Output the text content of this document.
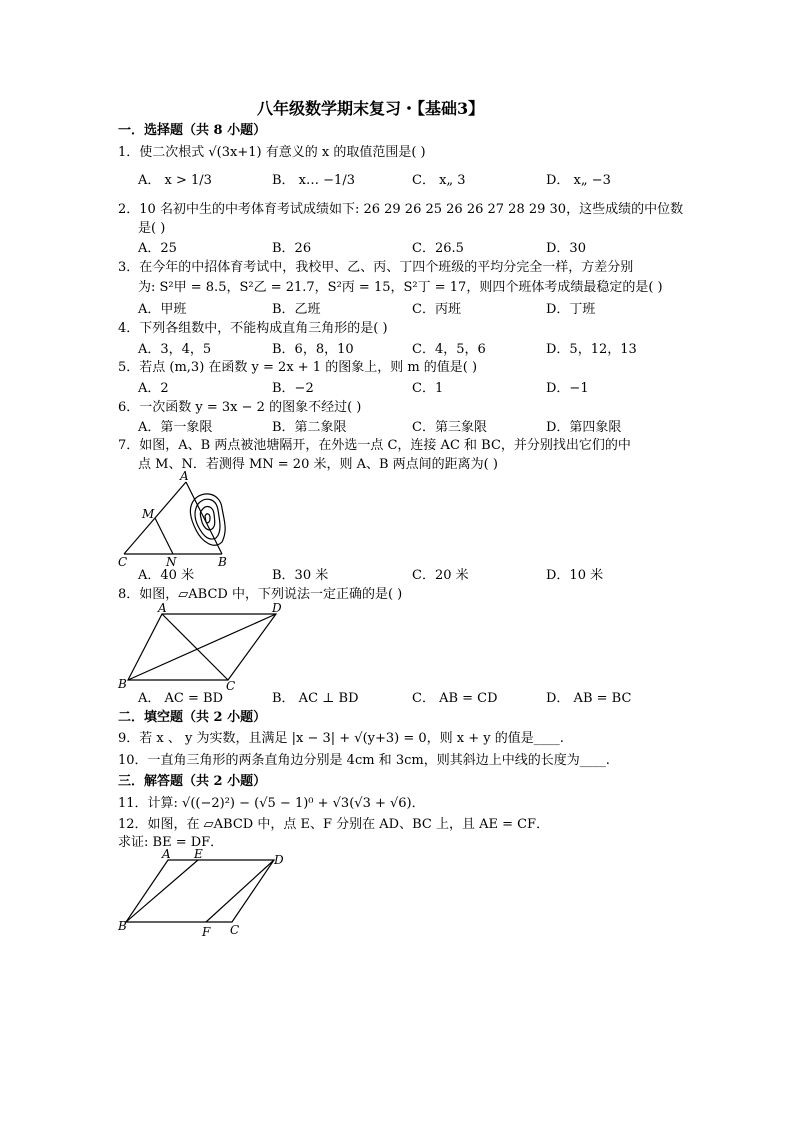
八年级数学期末复习・【基础3】
一．选择题（共 8 小题）
1．使二次根式 √(3x+1) 有意义的 x 的取值范围是( )
A． x > 1/3	B． x… −1/3	C． x„ 3	D． x„ −3
2．10 名初中生的中考体育考试成绩如下: 26 29 26 25 26 26 27 28 29 30，这些成绩的中位数
是( )
A．25	B．26	C．26.5	D．30
3．在今年的中招体育考试中，我校甲、乙、丙、丁四个班级的平均分完全一样，方差分别
为: S²甲 = 8.5，S²乙 = 21.7，S²丙 = 15，S²丁 = 17，则四个班体考成绩最稳定的是( )
A．甲班	B．乙班	C．丙班	D．丁班
4．下列各组数中，不能构成直角三角形的是( )
A．3，4，5	B．6，8，10	C．4，5，6	D．5，12，13
5．若点 (m,3) 在函数 y = 2x + 1 的图象上，则 m 的值是( )
A．2	B．−2	C．1	D．−1
6．一次函数 y = 3x − 2 的图象不经过( )
A．第一象限	B．第二象限	C．第三象限	D．第四象限
7．如图，A、B 两点被池塘隔开，在外选一点 C，连接 AC 和 BC，并分别找出它们的中
点 M、N．若测得 MN = 20 米，则 A、B 两点间的距离为( )
A
M
C	N	B
A．40 米	B．30 米	C．20 米	D．10 米
8．如图，▱ABCD 中，下列说法一定正确的是( )
A	D
B	C
A． AC = BD	B． AC ⊥ BD	C． AB = CD	D． AB = BC
二．填空题（共 2 小题）
9．若 x 、 y 为实数，且满足 |x − 3| + √(y+3) = 0，则 x + y 的值是____.
10．一直角三角形的两条直角边分别是 4cm 和 3cm，则其斜边上中线的长度为____.
三．解答题（共 2 小题）
11．计算: √((−2)²) − (√5 − 1)⁰ + √3(√3 + √6)．
12．如图，在 ▱ABCD 中，点 E、F 分别在 AD、BC 上，且 AE = CF．
求证: BE = DF．
A E	D
B	F C
